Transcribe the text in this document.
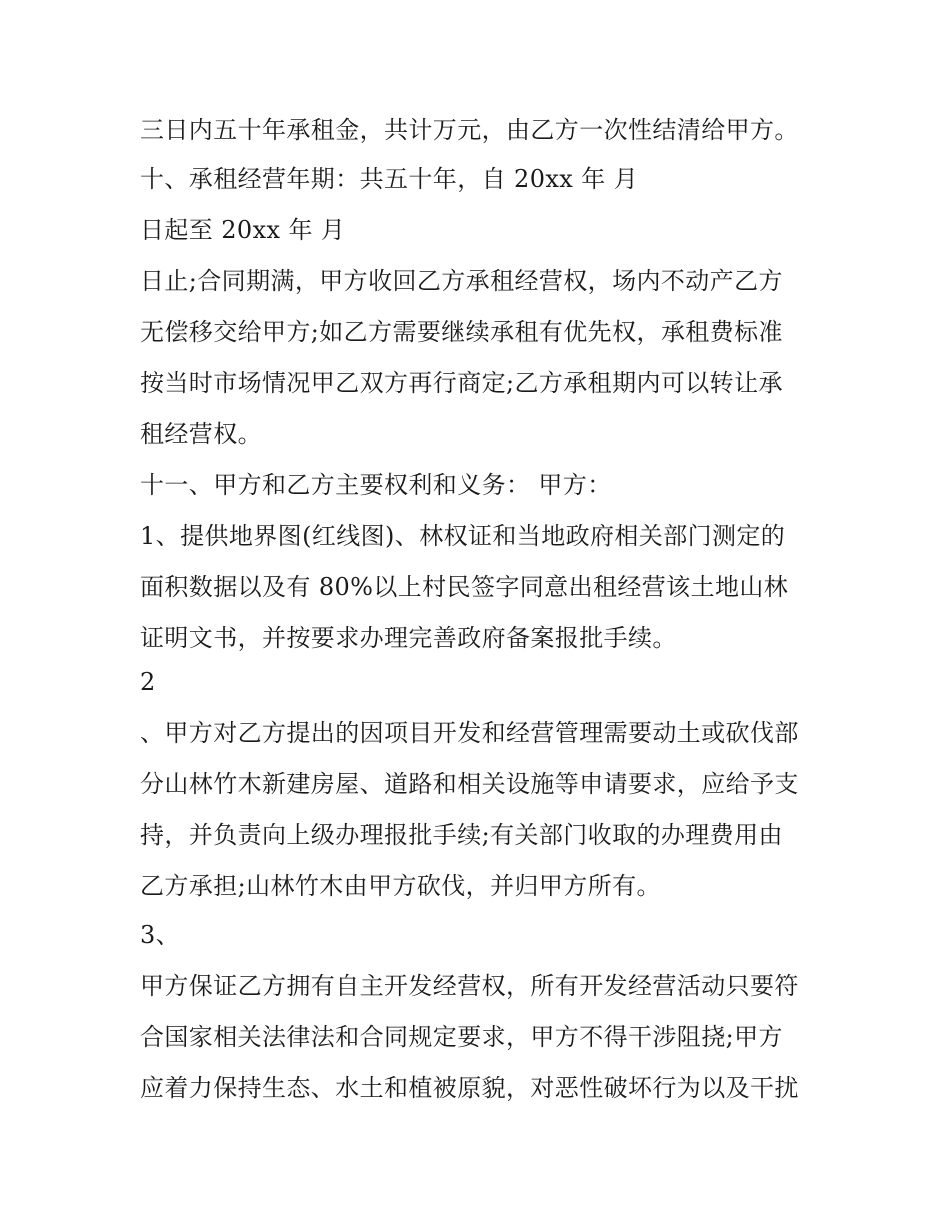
三日内五十年承租金，共计万元，由乙方一次性结清给甲方。

十、承租经营年期：共五十年，自 20xx 年 月

日起至 20xx 年 月

日止;合同期满，甲方收回乙方承租经营权，场内不动产乙方

无偿移交给甲方;如乙方需要继续承租有优先权，承租费标准

按当时市场情况甲乙双方再行商定;乙方承租期内可以转让承

租经营权。

十一、甲方和乙方主要权利和义务： 甲方：

1、提供地界图(红线图)、林权证和当地政府相关部门测定的

面积数据以及有 80%以上村民签字同意出租经营该土地山林

证明文书，并按要求办理完善政府备案报批手续。

2

、甲方对乙方提出的因项目开发和经营管理需要动土或砍伐部

分山林竹木新建房屋、道路和相关设施等申请要求，应给予支

持，并负责向上级办理报批手续;有关部门收取的办理费用由

乙方承担;山林竹木由甲方砍伐，并归甲方所有。

3、

甲方保证乙方拥有自主开发经营权，所有开发经营活动只要符

合国家相关法律法和合同规定要求，甲方不得干涉阻挠;甲方

应着力保持生态、水土和植被原貌，对恶性破坏行为以及干扰
